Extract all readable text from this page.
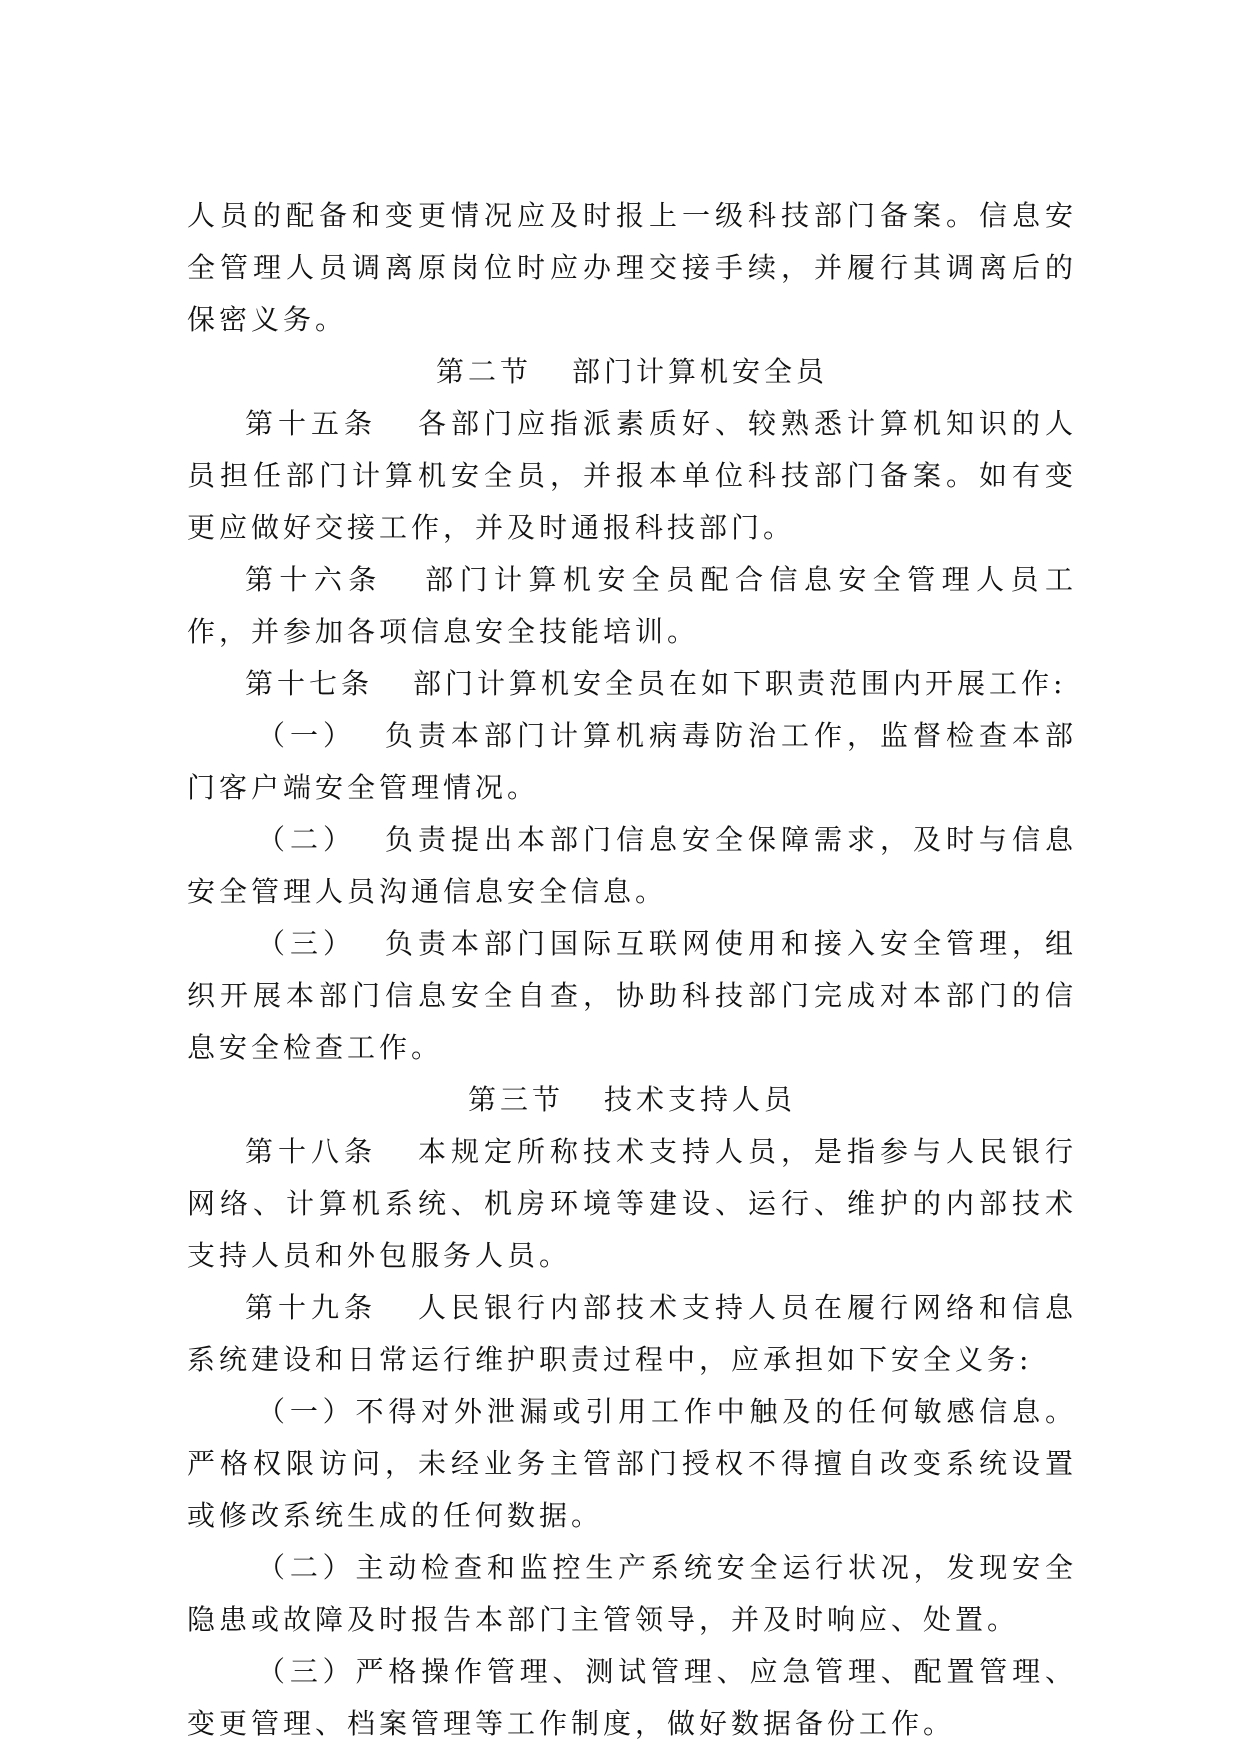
人员的配备和变更情况应及时报上一级科技部门备案。信息安全管理人员调离原岗位时应办理交接手续，并履行其调离后的保密义务。

第二节 部门计算机安全员

第十五条 各部门应指派素质好、较熟悉计算机知识的人员担任部门计算机安全员，并报本单位科技部门备案。如有变更应做好交接工作，并及时通报科技部门。

第十六条 部门计算机安全员配合信息安全管理人员工作，并参加各项信息安全技能培训。

第十七条 部门计算机安全员在如下职责范围内开展工作:

（一） 负责本部门计算机病毒防治工作，监督检查本部门客户端安全管理情况。

（二） 负责提出本部门信息安全保障需求，及时与信息安全管理人员沟通信息安全信息。

（三） 负责本部门国际互联网使用和接入安全管理，组织开展本部门信息安全自查，协助科技部门完成对本部门的信息安全检查工作。

第三节 技术支持人员

第十八条 本规定所称技术支持人员，是指参与人民银行网络、计算机系统、机房环境等建设、运行、维护的内部技术支持人员和外包服务人员。

第十九条 人民银行内部技术支持人员在履行网络和信息系统建设和日常运行维护职责过程中，应承担如下安全义务:

（一）不得对外泄漏或引用工作中触及的任何敏感信息。严格权限访问，未经业务主管部门授权不得擅自改变系统设置或修改系统生成的任何数据。

（二）主动检查和监控生产系统安全运行状况，发现安全隐患或故障及时报告本部门主管领导，并及时响应、处置。

（三）严格操作管理、测试管理、应急管理、配置管理、变更管理、档案管理等工作制度，做好数据备份工作。
